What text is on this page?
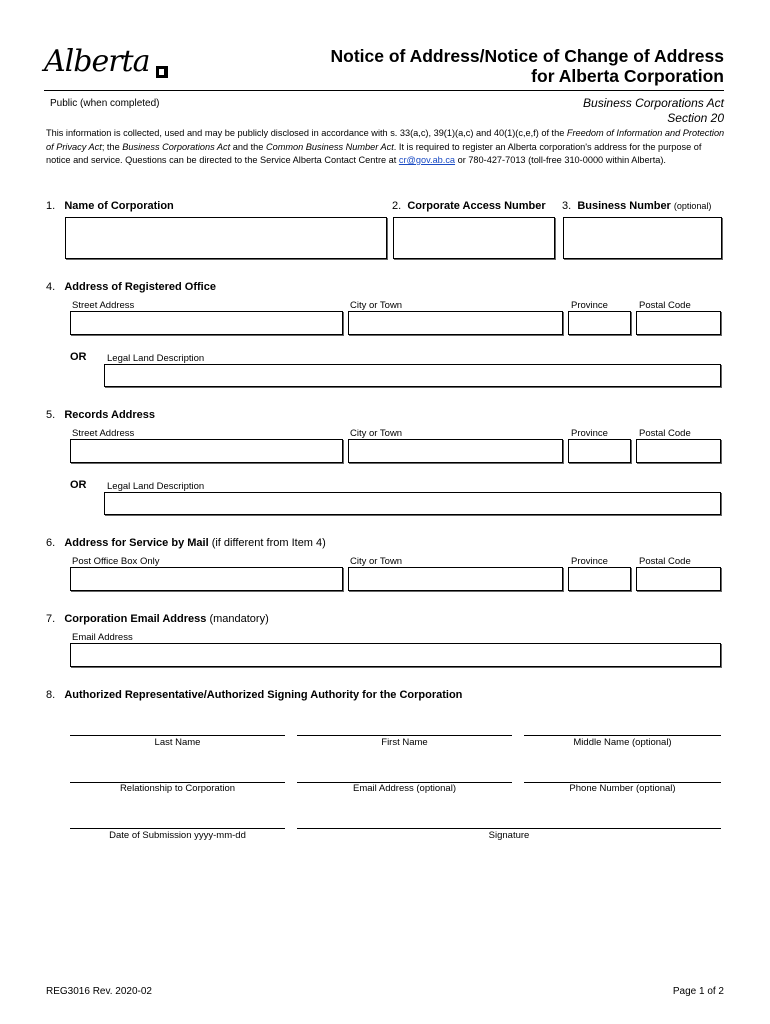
Alberta	Notice of Address/Notice of Change of Address
for Alberta Corporation
Public (when completed)	Business Corporations Act
Section 20
This information is collected, used and may be publicly disclosed in accordance with s. 33(a,c), 39(1)(a,c) and 40(1)(c,e,f) of the Freedom of Information and Protection of Privacy Act; the Business Corporations Act and the Common Business Number Act. It is required to register an Alberta corporation's address for the purpose of notice and service. Questions can be directed to the Service Alberta Contact Centre at cr@gov.ab.ca or 780-427-7013 (toll-free 310-0000 within Alberta).
1. Name of Corporation	2. Corporate Access Number 3. Business Number (optional)
4. Address of Registered Office
Street Address	City or Town	Province	Postal Code
OR Legal Land Description
5. Records Address
Street Address	City or Town	Province	Postal Code
OR Legal Land Description
6. Address for Service by Mail (if different from Item 4)
Post Office Box Only	City or Town	Province	Postal Code
7. Corporation Email Address (mandatory)
Email Address
8. Authorized Representative/Authorized Signing Authority for the Corporation
Last Name	First Name	Middle Name (optional)
Relationship to Corporation	Email Address (optional)	Phone Number (optional)
Date of Submission yyyy-mm-dd	Signature
REG3016 Rev. 2020-02	Page 1 of 2
